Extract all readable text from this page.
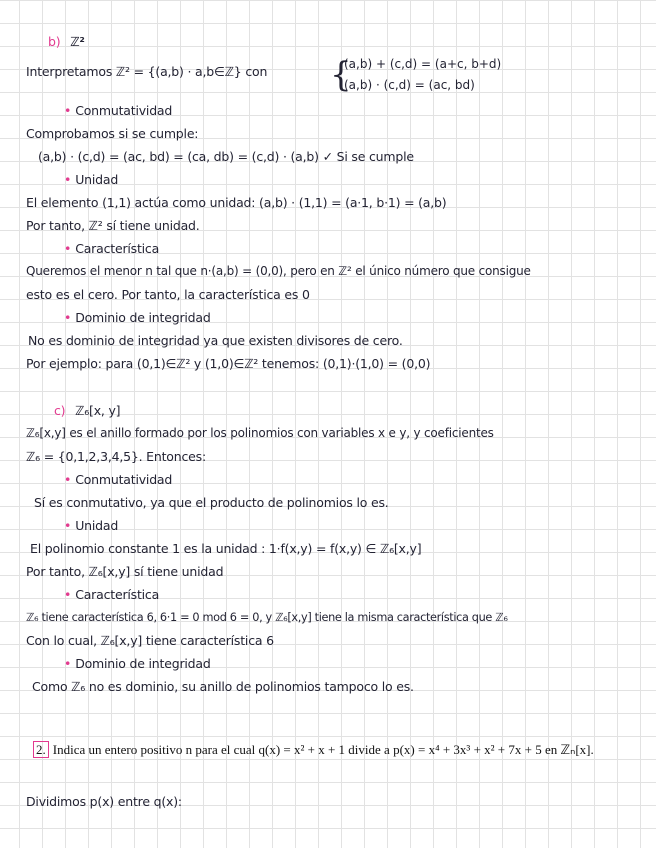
b) ℤ²
Interpretamos ℤ² = {(a,b) · a,b∈ℤ} con {
(a,b) + (c,d) = (a+c, b+d)
(a,b) · (c,d) = (ac, bd)
• Conmutatividad
Comprobamos si se cumple:
(a,b) · (c,d) = (ac, bd) = (ca, db) = (c,d) · (a,b) ✓ Si se cumple
• Unidad
El elemento (1,1) actúa como unidad: (a,b) · (1,1) = (a·1, b·1) = (a,b)
Por tanto, ℤ² sí tiene unidad.
• Característica
Queremos el menor n tal que n·(a,b) = (0,0), pero en ℤ² el único número que consigue
esto es el cero. Por tanto, la característica es 0
• Dominio de integridad
No es dominio de integridad ya que existen divisores de cero.
Por ejemplo: para (0,1)∈ℤ² y (1,0)∈ℤ² tenemos: (0,1)·(1,0) = (0,0)
c) ℤ₆[x, y]
ℤ₆[x,y] es el anillo formado por los polinomios con variables x e y, y coeficientes
ℤ₆ = {0,1,2,3,4,5}. Entonces:
• Conmutatividad
Sí es conmutativo, ya que el producto de polinomios lo es.
• Unidad
El polinomio constante 1 es la unidad : 1·f(x,y) = f(x,y) ∈ ℤ₆[x,y]
Por tanto, ℤ₆[x,y] sí tiene unidad
• Característica
ℤ₆ tiene característica 6, 6·1 = 0 mod 6 = 0, y ℤ₆[x,y] tiene la misma característica que ℤ₆
Con lo cual, ℤ₆[x,y] tiene característica 6
• Dominio de integridad
Como ℤ₆ no es dominio, su anillo de polinomios tampoco lo es.
2. Indica un entero positivo n para el cual q(x) = x² + x + 1 divide a p(x) = x⁴ + 3x³ + x² + 7x + 5 en ℤₙ[x].
Dividimos p(x) entre q(x):
